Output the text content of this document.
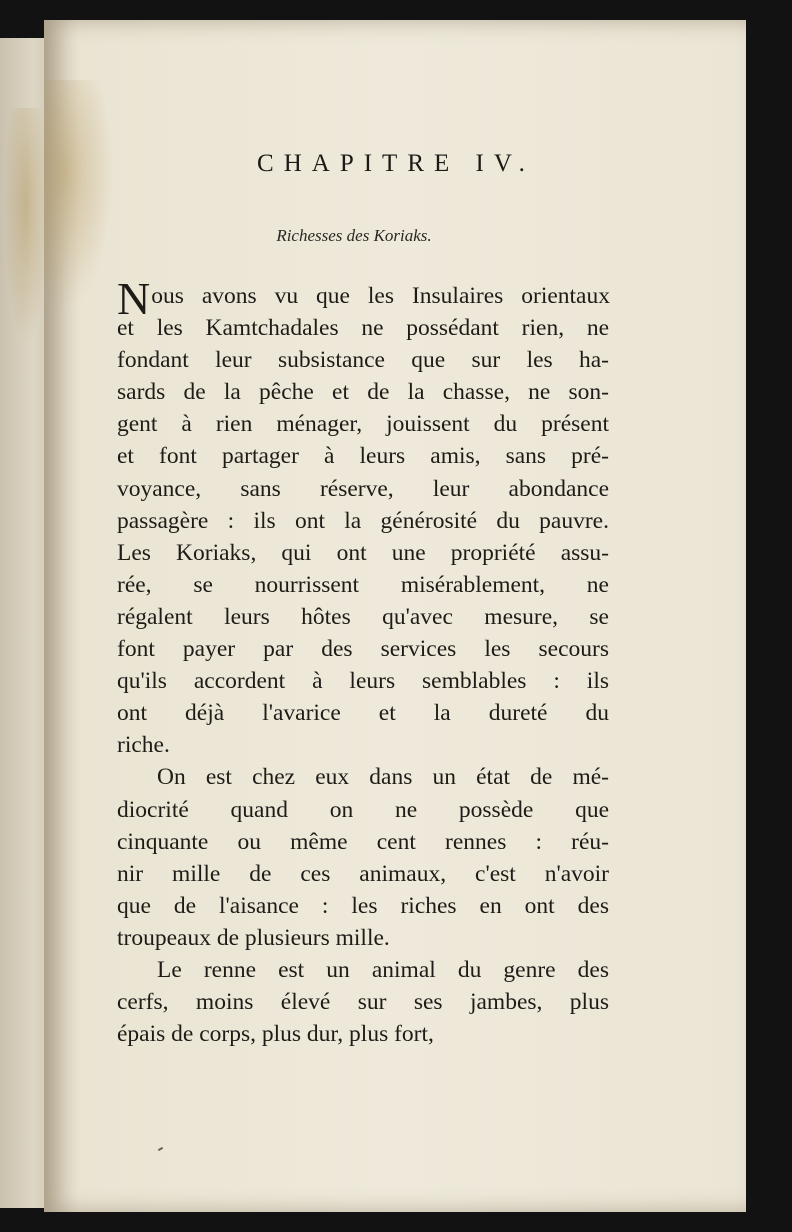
CHAPITRE IV.
Richesses des Koriaks.
N ous avons vu que les Insulaires orientaux
et les Kamtchadales ne possédant rien, ne
fondant leur subsistance que sur les ha-
sards de la pêche et de la chasse, ne son-
gent à rien ménager, jouissent du présent
et font partager à leurs amis, sans pré-
voyance, sans réserve, leur abondance
passagère : ils ont la générosité du pauvre.
Les Koriaks, qui ont une propriété assu-
rée, se nourrissent misérablement, ne
régalent leurs hôtes qu'avec mesure, se
font payer par des services les secours
qu'ils accordent à leurs semblables : ils
ont déjà l'avarice et la dureté du
riche.
On est chez eux dans un état de mé-
diocrité quand on ne possède que
cinquante ou même cent rennes : réu-
nir mille de ces animaux, c'est n'avoir
que de l'aisance : les riches en ont des
troupeaux de plusieurs mille.
Le renne est un animal du genre des
cerfs, moins élevé sur ses jambes, plus
épais de corps, plus dur, plus fort,
